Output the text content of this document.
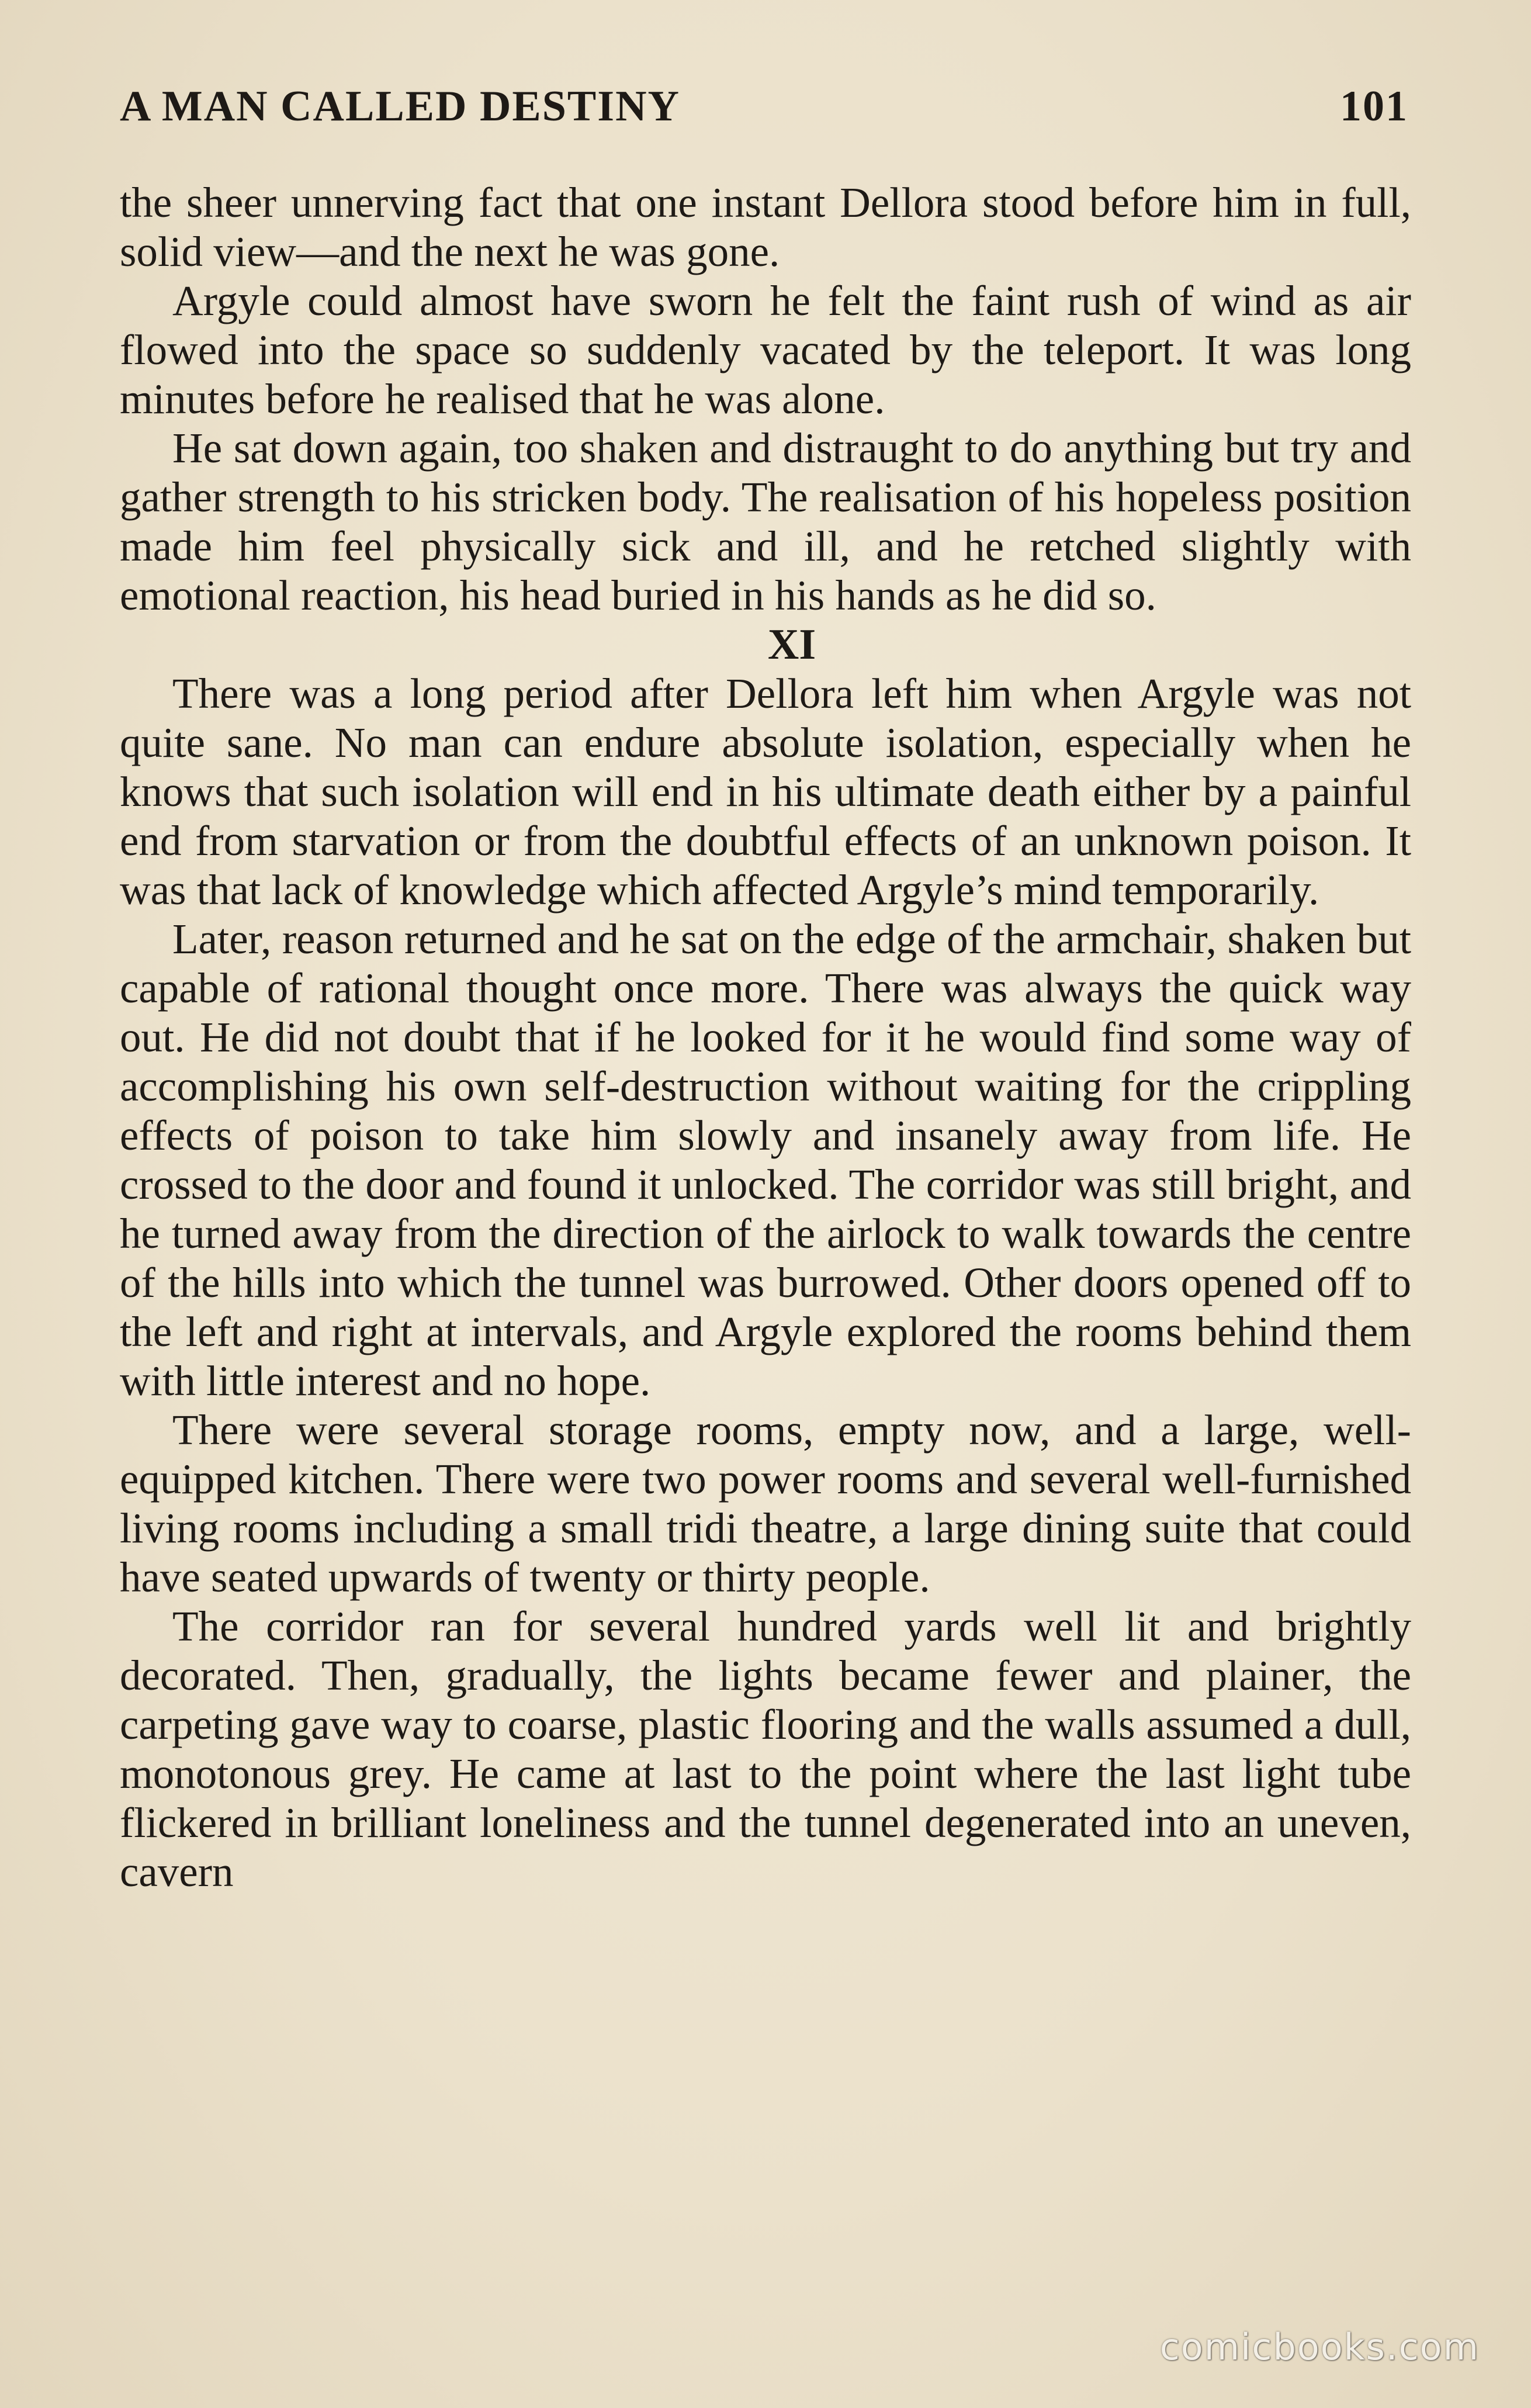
A MAN CALLED DESTINY	101

the sheer unnerving fact that one instant Dellora stood before him in full, solid view—and the next he was gone.

Argyle could almost have sworn he felt the faint rush of wind as air flowed into the space so suddenly vacated by the teleport. It was long minutes before he realised that he was alone.

He sat down again, too shaken and distraught to do anything but try and gather strength to his stricken body. The realisation of his hopeless position made him feel physically sick and ill, and he retched slightly with emotional reaction, his head buried in his hands as he did so.

XI

There was a long period after Dellora left him when Argyle was not quite sane. No man can endure absolute isolation, especially when he knows that such isolation will end in his ultimate death either by a painful end from starvation or from the doubtful effects of an unknown poison. It was that lack of knowledge which affected Argyle’s mind temporarily.

Later, reason returned and he sat on the edge of the armchair, shaken but capable of rational thought once more. There was always the quick way out. He did not doubt that if he looked for it he would find some way of accomplishing his own self-destruction without waiting for the crippling effects of poison to take him slowly and insanely away from life. He crossed to the door and found it unlocked. The corridor was still bright, and he turned away from the direction of the airlock to walk towards the centre of the hills into which the tunnel was burrowed. Other doors opened off to the left and right at intervals, and Argyle explored the rooms behind them with little interest and no hope.

There were several storage rooms, empty now, and a large, well-equipped kitchen. There were two power rooms and several well-furnished living rooms including a small tridi theatre, a large dining suite that could have seated upwards of twenty or thirty people.

The corridor ran for several hundred yards well lit and brightly decorated. Then, gradually, the lights became fewer and plainer, the carpeting gave way to coarse, plastic flooring and the walls assumed a dull, monotonous grey. He came at last to the point where the last light tube flickered in brilliant loneliness and the tunnel degenerated into an uneven, cavern

comicbooks.com
